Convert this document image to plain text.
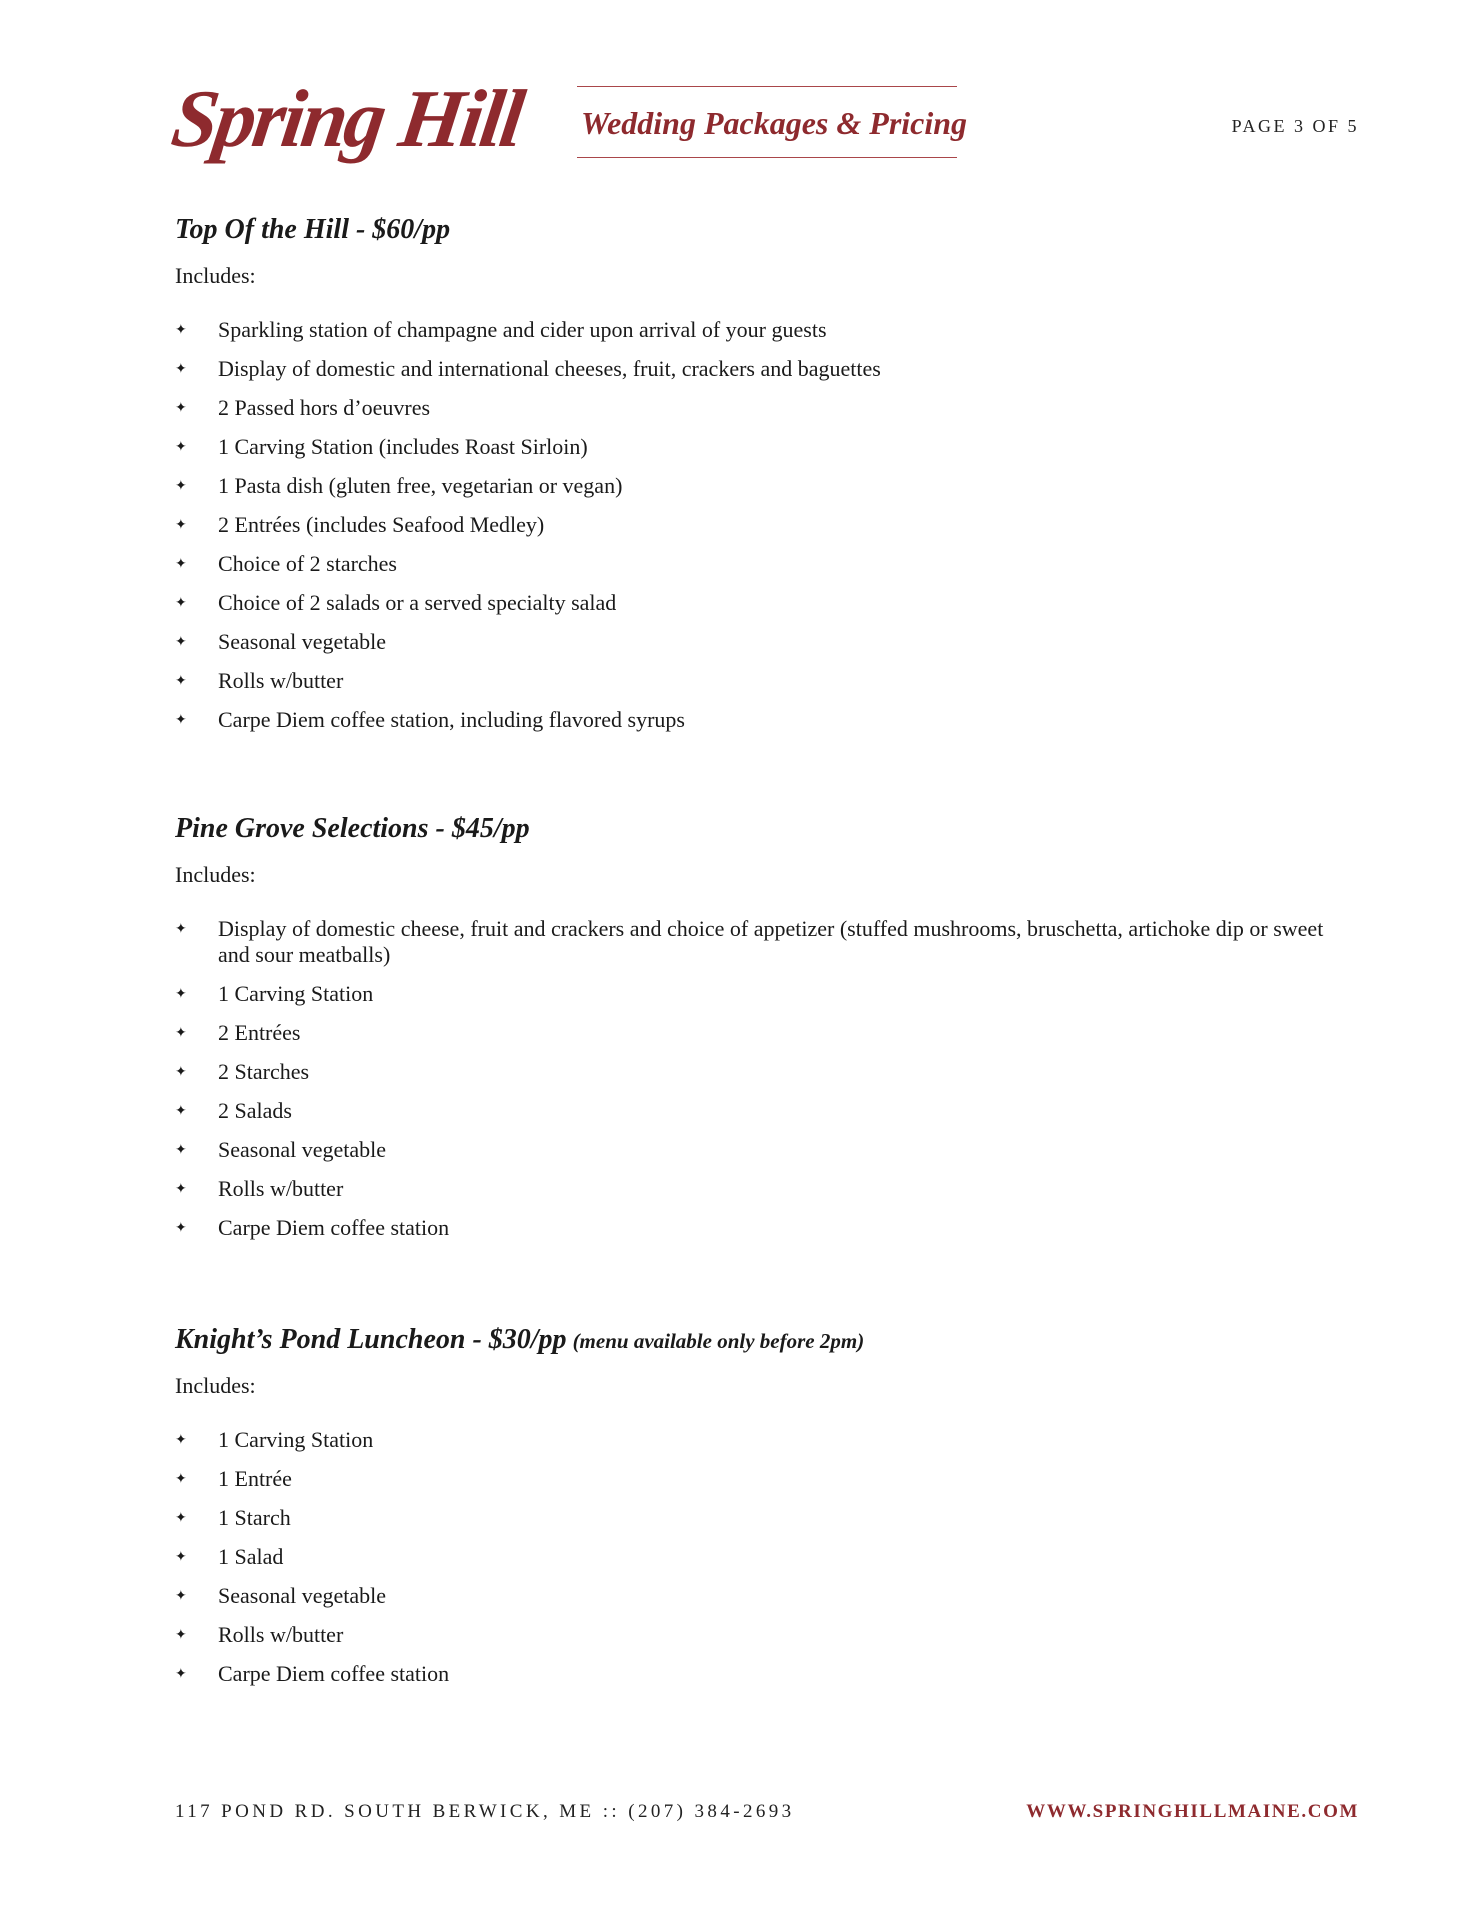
Spring Hill	Wedding Packages & Pricing	PAGE 3 OF 5
Top Of the Hill - $60/pp

Includes:

✦ Sparkling station of champagne and cider upon arrival of your guests
✦ Display of domestic and international cheeses, fruit, crackers and baguettes
✦ 2 Passed hors d’oeuvres
✦ 1 Carving Station (includes Roast Sirloin)
✦ 1 Pasta dish (gluten free, vegetarian or vegan)
✦ 2 Entrées (includes Seafood Medley)
✦ Choice of 2 starches
✦ Choice of 2 salads or a served specialty salad
✦ Seasonal vegetable
✦ Rolls w/butter
✦ Carpe Diem coffee station, including flavored syrups
Pine Grove Selections - $45/pp

Includes:

✦ Display of domestic cheese, fruit and crackers and choice of appetizer (stuffed mushrooms, bruschetta, artichoke dip or sweet and sour meatballs)
✦ 1 Carving Station
✦ 2 Entrées
✦ 2 Starches
✦ 2 Salads
✦ Seasonal vegetable
✦ Rolls w/butter
✦ Carpe Diem coffee station
Knight’s Pond Luncheon - $30/pp (menu available only before 2pm)

Includes:

✦ 1 Carving Station
✦ 1 Entrée
✦ 1 Starch
✦ 1 Salad
✦ Seasonal vegetable
✦ Rolls w/butter
✦ Carpe Diem coffee station
117 POND RD. SOUTH BERWICK, ME :: (207) 384-2693	WWW.SPRINGHILLMAINE.COM
